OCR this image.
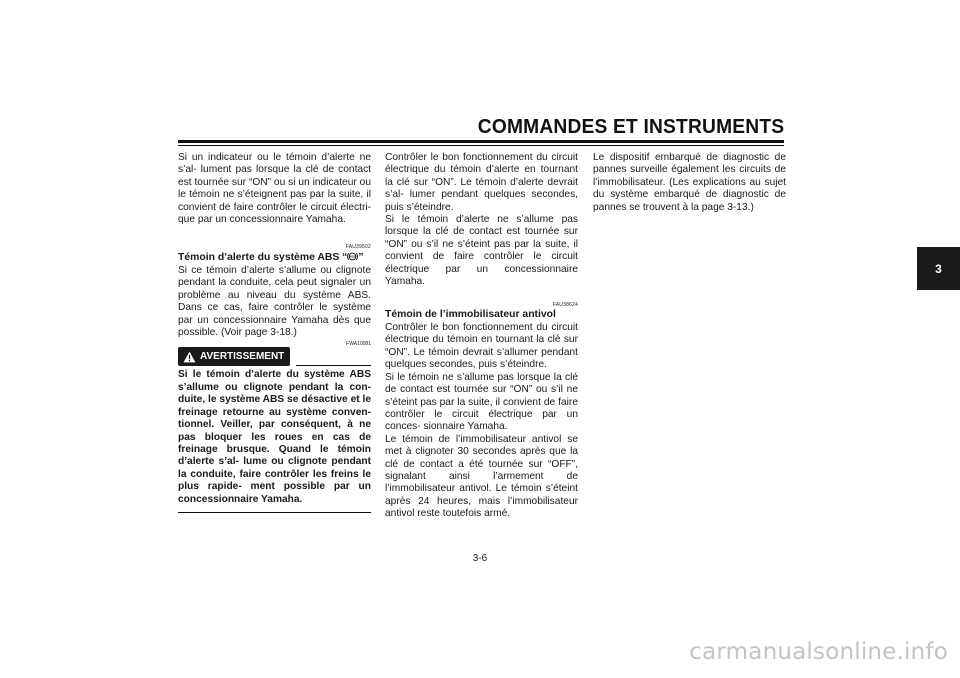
COMMANDES ET INSTRUMENTS
3

Si un indicateur ou le témoin d’alerte ne s’al- lument pas lorsque la clé de contact est tournée sur “ON” ou si un indicateur ou le témoin ne s’éteignent pas par la suite, il convient de faire contrôler le circuit électri- que par un concessionnaire Yamaha.

FAU39502

Témoin d’alerte du système ABS “ ABS ”

Si ce témoin d’alerte s’allume ou clignote pendant la conduite, cela peut signaler un problème au niveau du système ABS. Dans ce cas, faire contrôler le système par un concessionnaire Yamaha dès que possible. (Voir page 3-18.)

AVERTISSEMENT
FWA10081

Si le témoin d’alerte du système ABS s’allume ou clignote pendant la con- duite, le système ABS se désactive et le freinage retourne au système conven- tionnel. Veiller, par conséquent, à ne pas bloquer les roues en cas de freinage brusque. Quand le témoin d’alerte s’al- lume ou clignote pendant la conduite, faire contrôler les freins le plus rapide- ment possible par un concessionnaire Yamaha.

Contrôler le bon fonctionnement du circuit électrique du témoin d’alerte en tournant la clé sur “ON”. Le témoin d’alerte devrait s’al- lumer pendant quelques secondes, puis s’éteindre.

Si le témoin d’alerte ne s’allume pas lorsque la clé de contact est tournée sur “ON” ou s’il ne s’éteint pas par la suite, il convient de faire contrôler le circuit électrique par un concessionnaire Yamaha.

FAU38624

Témoin de l’immobilisateur antivol

Contrôler le bon fonctionnement du circuit électrique du témoin en tournant la clé sur “ON”. Le témoin devrait s’allumer pendant quelques secondes, puis s’éteindre.

Si le témoin ne s’allume pas lorsque la clé de contact est tournée sur “ON” ou s’il ne s’éteint pas par la suite, il convient de faire contrôler le circuit électrique par un conces- sionnaire Yamaha.

Le témoin de l’immobilisateur antivol se met à clignoter 30 secondes après que la clé de contact a été tournée sur “OFF”, signalant ainsi l’armement de l’immobilisateur antivol. Le témoin s’éteint après 24 heures, mais l’immobilisateur antivol reste toutefois armé.

Le dispositif embarqué de diagnostic de pannes surveille également les circuits de l’immobilisateur. (Les explications au sujet du système embarqué de diagnostic de pannes se trouvent à la page 3-13.)

3-6
carmanualsonline.info
